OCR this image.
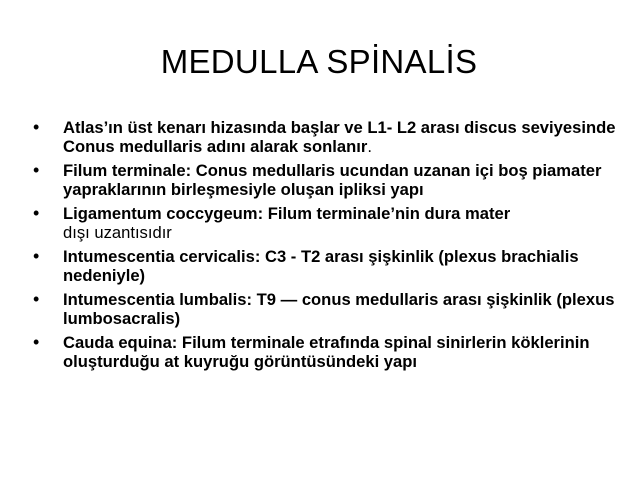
MEDULLA SPİNALİS
• Atlas’ın üst kenarı hizasında başlar ve L1- L2 arası discus seviyesinde Conus medullaris adını alarak sonlanır.
• Filum terminale: Conus medullaris ucundan uzanan içi boş piamater yapraklarının birleşmesiyle oluşan ipliksi yapı
• Ligamentum coccygeum: Filum terminale’nin dura mater
dışı uzantısıdır
• Intumescentia cervicalis: C3 - T2 arası şişkinlik (plexus brachialis nedeniyle)
• Intumescentia lumbalis: T9 — conus medullaris arası şişkinlik (plexus lumbosacralis)
• Cauda equina: Filum terminale etrafında spinal sinirlerin köklerinin oluşturduğu at kuyruğu görüntüsündeki yapı
